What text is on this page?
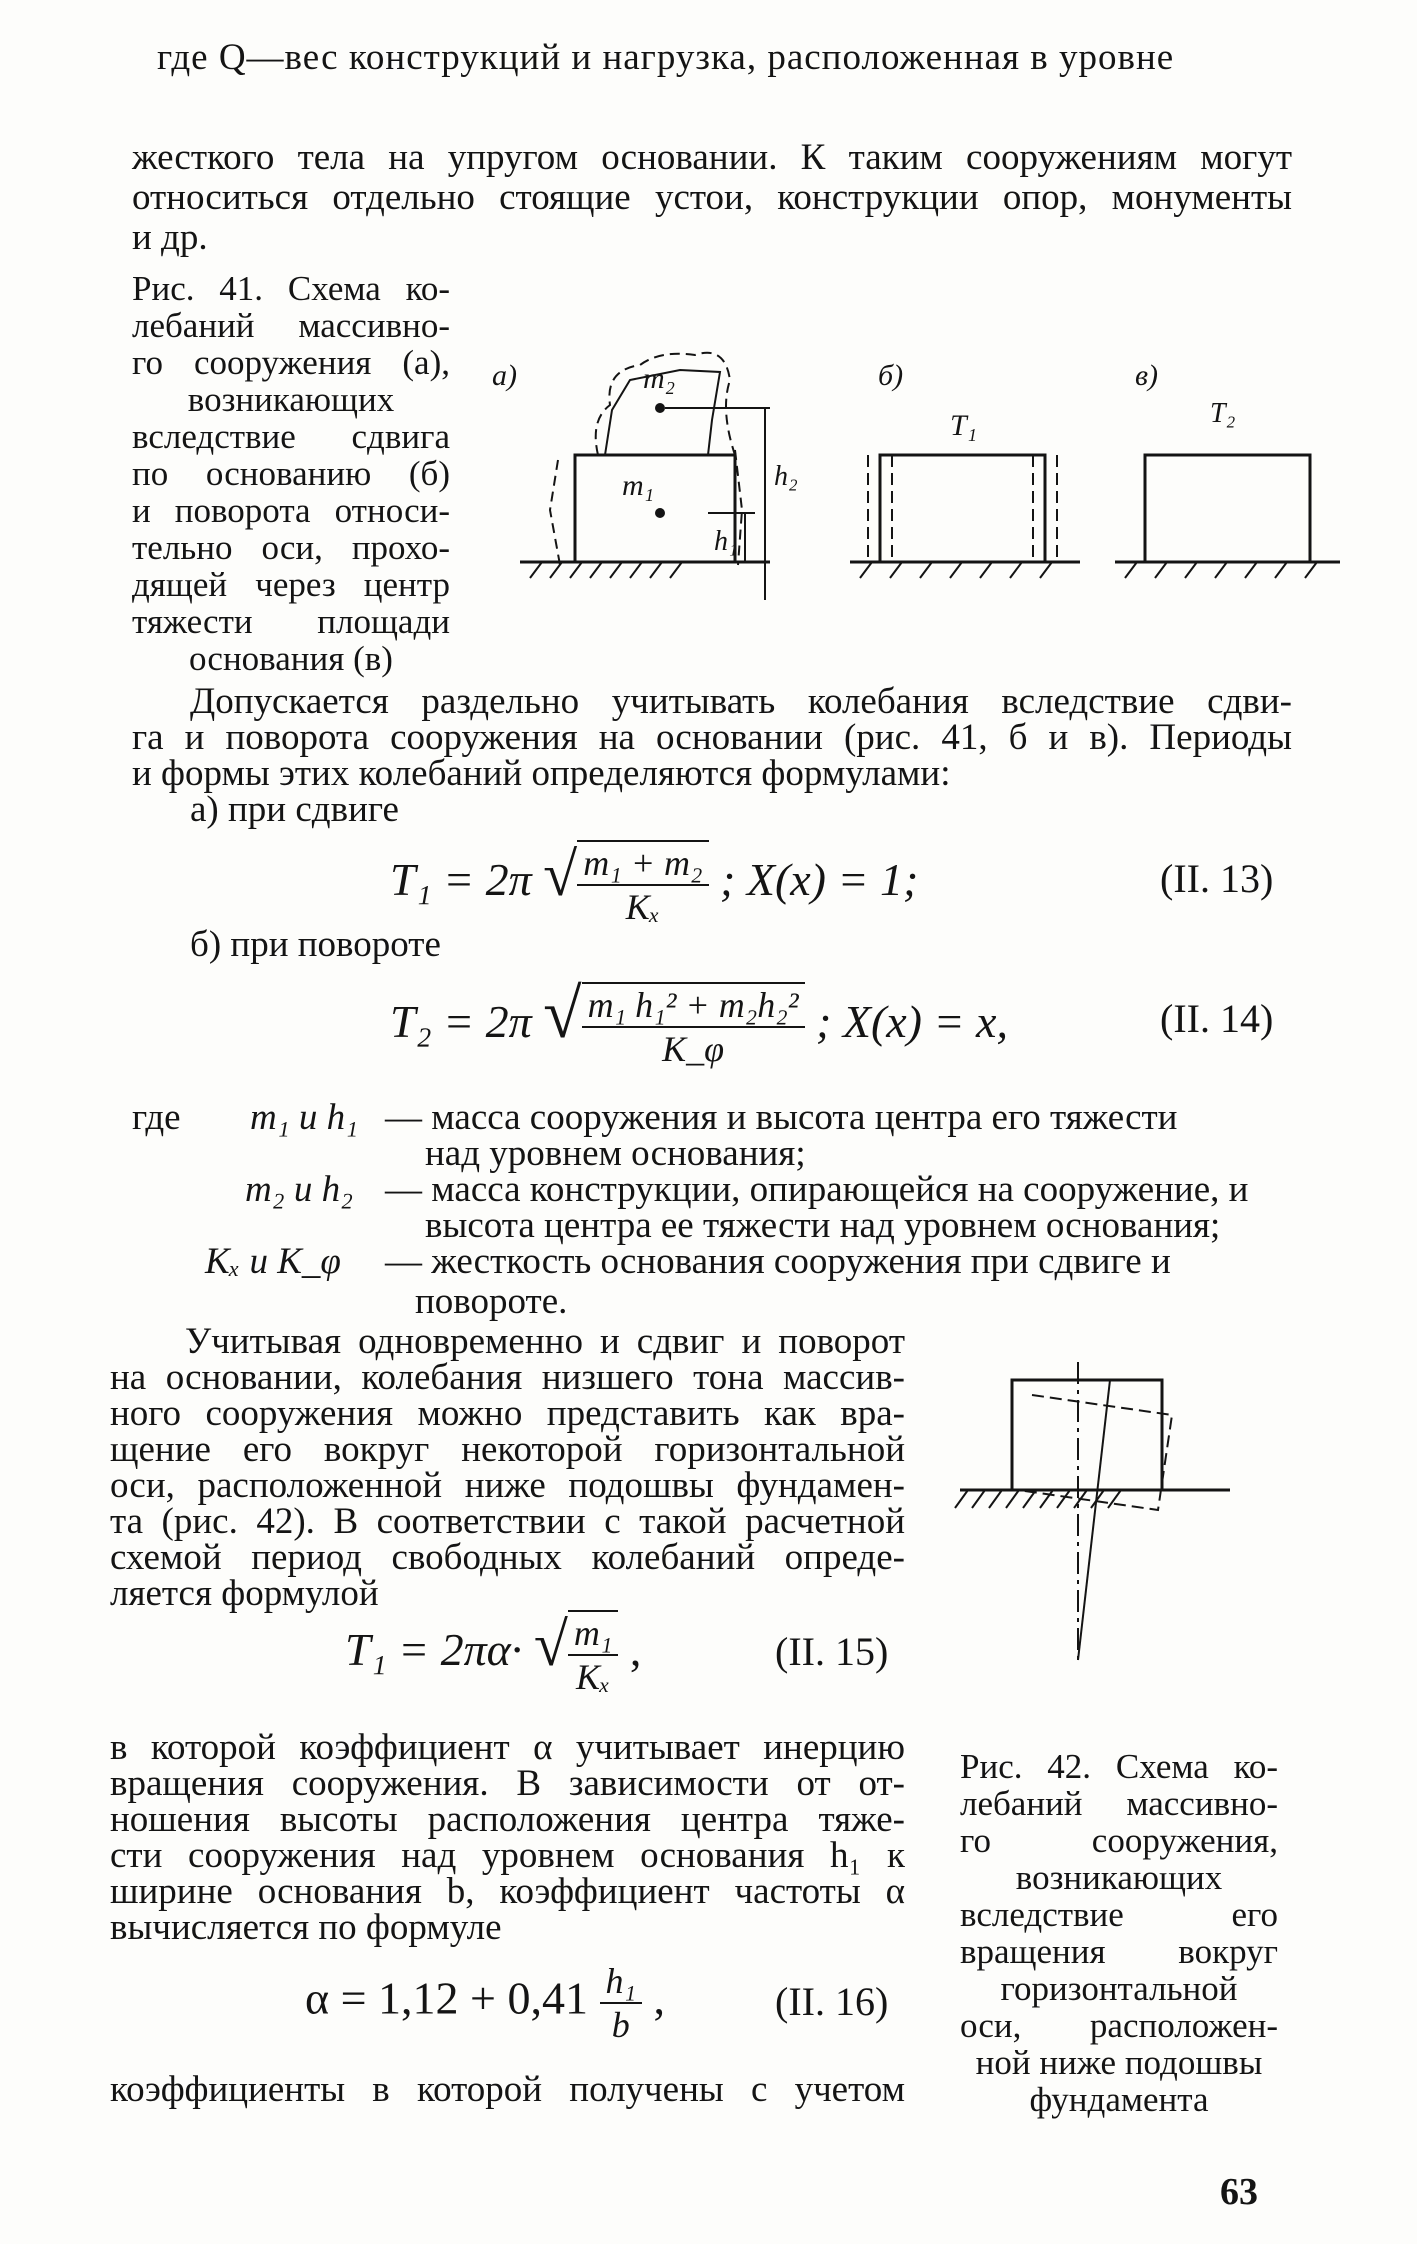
где Q—вес конструкций и нагрузка, расположенная в уровне
жесткого тела на упругом основании. К таким сооружениям могут
относиться отдельно стоящие устои, конструкции опор, монументы
и др.
Рис. 41. Схема ко-
лебаний массивно-
го сооружения (а),
возникающих
вследствие сдвига
по основанию (б)
и поворота относи-
тельно оси, прохо-
дящей через центр
тяжести площади
основания (в)
а)	m₂
m₁
h₁
h₂
б)
T₁
в)
T₂
Допускается раздельно учитывать колебания вследствие сдви-
га и поворота сооружения на основании (рис. 41, б и в). Периоды
и формы этих колебаний определяются формулами:
а) при сдвиге
T₁ = 2π √ $\frac{\text{m₁ + m₂}}{\text{Kₓ}}$ ; X(x) = 1;	(II. 13)
б) при повороте
T₂ = 2π √ $\frac{\text{m₁ h₁² + m₂h₂²}}{K\_\varphi}$ ; X(x) = x,	(II. 14)
где m₁ и h₁ — масса сооружения и высота центра его тяжести
над уровнем основания;
m₂ и h₂ — масса конструкции, опирающейся на сооружение, и
высота центра ее тяжести над уровнем основания;
Kₓ и K_φ — жесткость основания сооружения при сдвиге и
повороте.
Учитывая одновременно и сдвиг и поворот
на основании, колебания низшего тона массив-
ного сооружения можно представить как вра-
щение его вокруг некоторой горизонтальной
оси, расположенной ниже подошвы фундамен-
та (рис. 42). В соответствии с такой расчетной
схемой период свободных колебаний опреде-
ляется формулой
T₁ = 2πα· √ $\frac{\text{m₁}}{\text{Kₓ}}$ ,	(II. 15)
в которой коэффициент α учитывает инерцию
вращения сооружения. В зависимости от от-
ношения высоты расположения центра тяже-
сти сооружения над уровнем основания h₁ к
ширине основания b, коэффициент частоты α
вычисляется по формуле
$\alpha = 1,12 + 0,41 \frac{\text{h₁}}{b}$ ,	(II. 16)
коэффициенты в которой получены с учетом
Рис. 42. Схема ко-
лебаний массивно-
го сооружения,
возникающих
вследствие его
вращения вокруг
горизонтальной
оси, расположен-
ной ниже подошвы
фундамента
63
